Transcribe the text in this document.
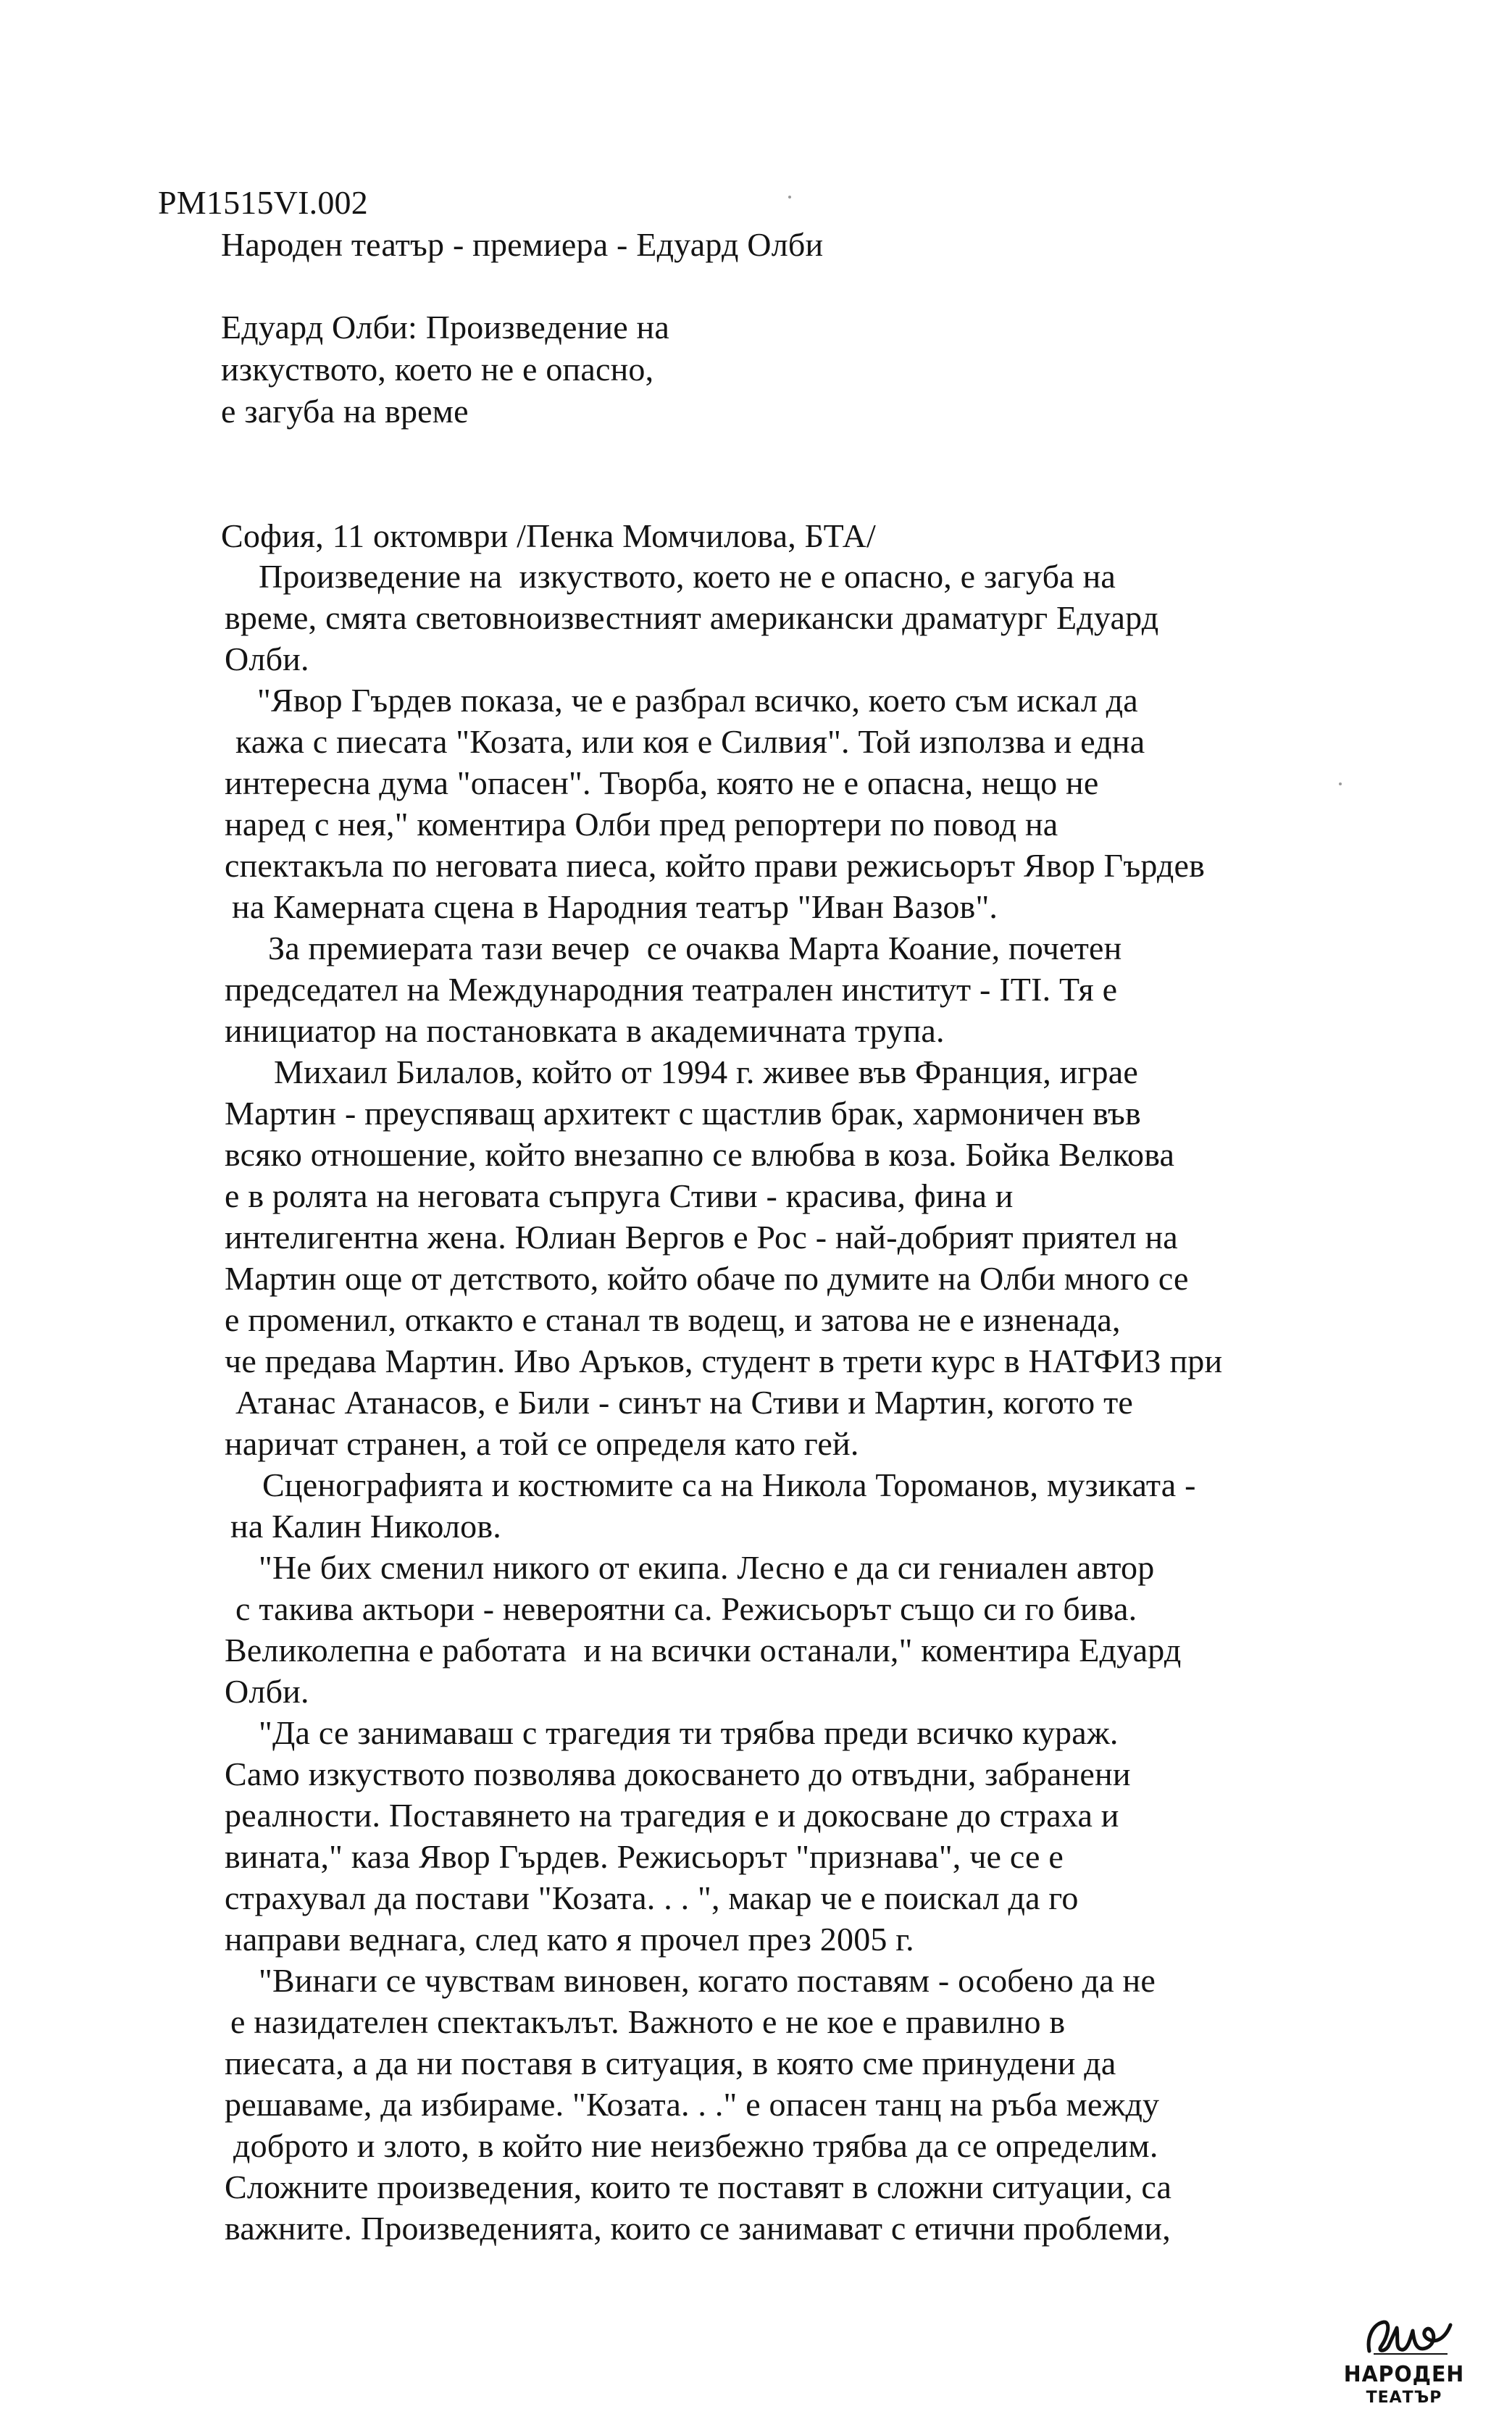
PM1515VI.002
Народен театър - премиера - Едуард Олби
Едуард Олби: Произведение на
изкуството, което не е опасно,
е загуба на време
София, 11 октомври /Пенка Момчилова, БТА/
Произведение на  изкуството, което не е опасно, е загуба на
време, смята световноизвестният американски драматург Едуард
Олби.
"Явор Гърдев показа, че е разбрал всичко, което съм искал да
кажа с пиесата "Козата, или коя е Силвия". Той използва и една
интересна дума "опасен". Творба, която не е опасна, нещо не
наред с нея," коментира Олби пред репортери по повод на
спектакъла по неговата пиеса, който прави режисьорът Явор Гърдев
на Камерната сцена в Народния театър "Иван Вазов".
За премиерата тази вечер  се очаква Марта Коание, почетен
председател на Международния театрален институт - ITI. Тя е
инициатор на постановката в академичната трупа.
Михаил Билалов, който от 1994 г. живее във Франция, играе
Мартин - преуспяващ архитект с щастлив брак, хармоничен във
всяко отношение, който внезапно се влюбва в коза. Бойка Велкова
е в ролята на неговата съпруга Стиви - красива, фина и
интелигентна жена. Юлиан Вергов е Рос - най-добрият приятел на
Мартин още от детството, който обаче по думите на Олби много се
е променил, откакто е станал тв водещ, и затова не е изненада,
че предава Мартин. Иво Аръков, студент в трети курс в НАТФИЗ при
Атанас Атанасов, е Били - синът на Стиви и Мартин, когото те
наричат странен, а той се определя като гей.
Сценографията и костюмите са на Никола Тороманов, музиката -
на Калин Николов.
"Не бих сменил никого от екипа. Лесно е да си гениален автор
с такива актьори - невероятни са. Режисьорът също си го бива.
Великолепна е работата  и на всички останали," коментира Едуард
Олби.
"Да се занимаваш с трагедия ти трябва преди всичко кураж.
Само изкуството позволява докосването до отвъдни, забранени
реалности. Поставянето на трагедия е и докосване до страха и
вината," каза Явор Гърдев. Режисьорът "признава", че се е
страхувал да постави "Козата. . . ", макар че е поискал да го
направи веднага, след като я прочел през 2005 г.
"Винаги се чувствам виновен, когато поставям - особено да не
е назидателен спектакълът. Важното е не кое е правилно в
пиесата, а да ни поставя в ситуация, в която сме принудени да
решаваме, да избираме. "Козата. . ." е опасен танц на ръба между
доброто и злото, в който ние неизбежно трябва да се определим.
Сложните произведения, които те поставят в сложни ситуации, са
важните. Произведенията, които се занимават с етични проблеми,
НАРОДЕН
ТЕАТЪР
